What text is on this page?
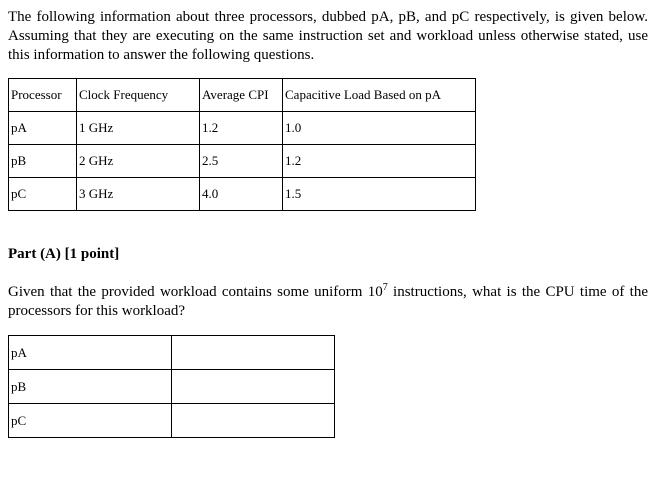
The following information about three processors, dubbed pA, pB, and pC respectively, is given below. Assuming that they are executing on the same instruction set and workload unless otherwise stated, use this information to answer the following questions.

Processor	Clock Frequency	Average CPI	Capacitive Load Based on pA
pA	1 GHz	1.2	1.0
pB	2 GHz	2.5	1.2
pC	3 GHz	4.0	1.5

Part (A) [1 point]

Given that the provided workload contains some uniform $10^7$ instructions, what is the CPU time of the processors for this workload?

pA	
pB	
pC	
